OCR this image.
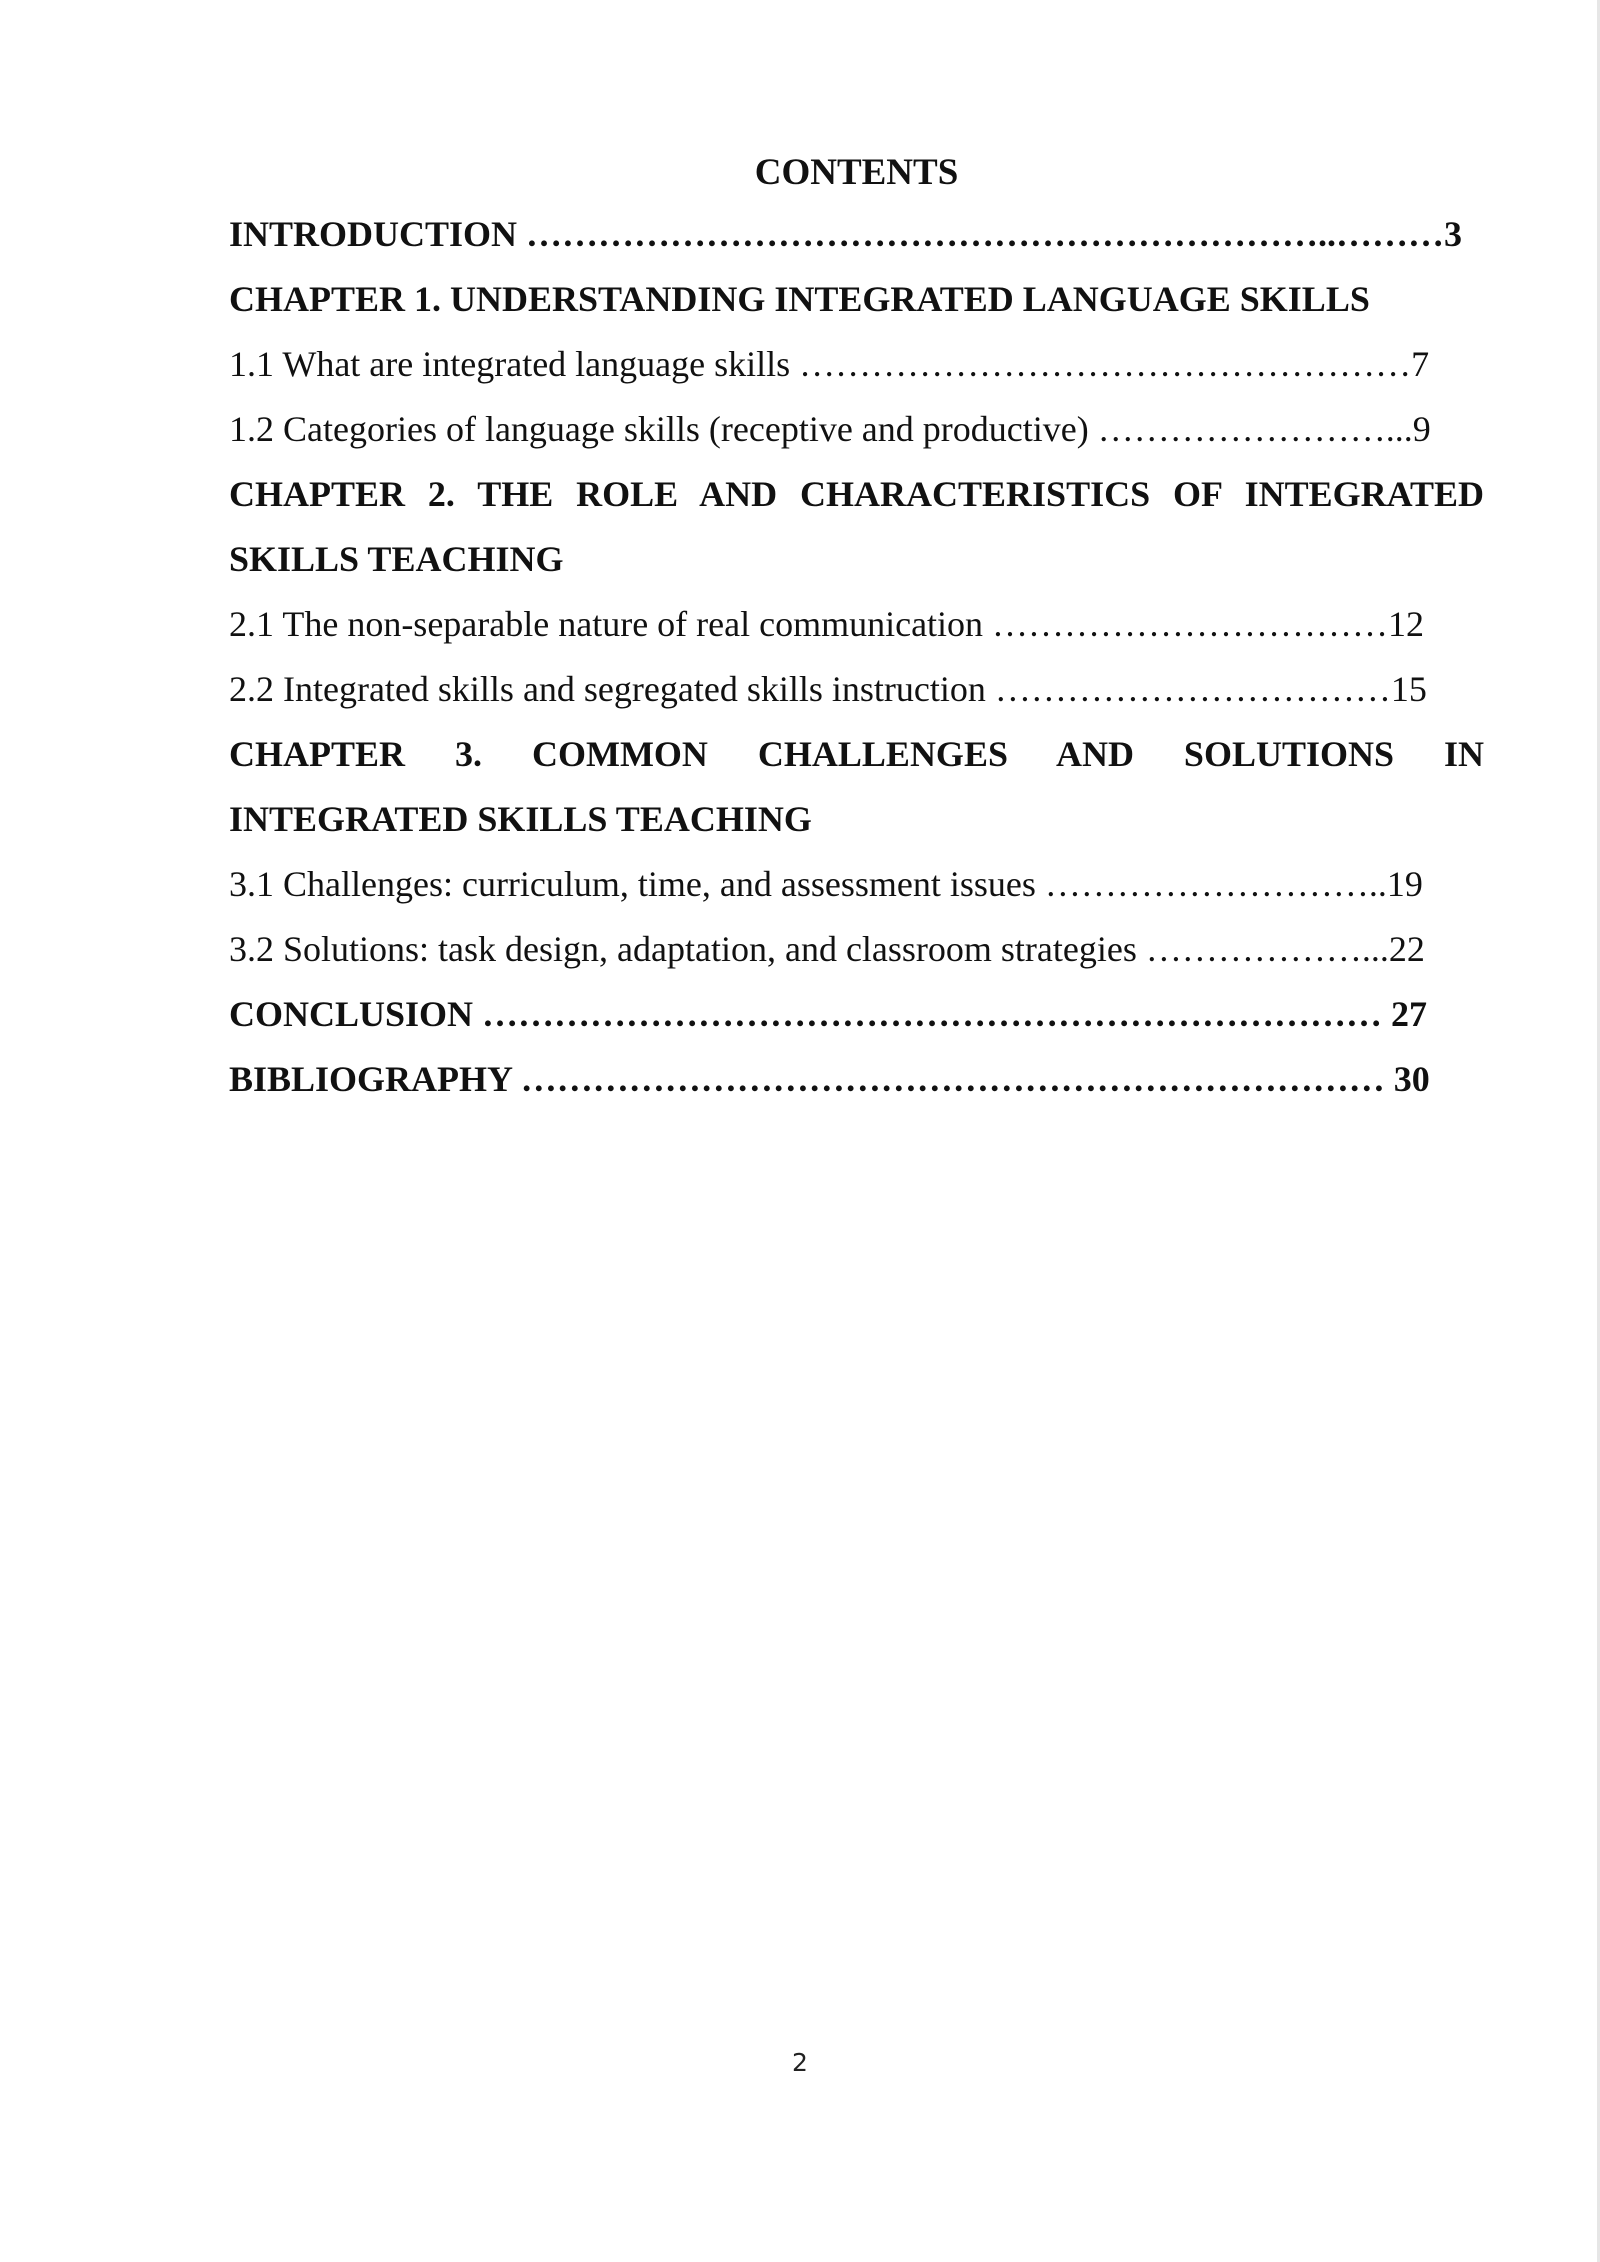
CONTENTS
INTRODUCTION …………………………………………………………..………3
CHAPTER 1. UNDERSTANDING INTEGRATED LANGUAGE SKILLS
1.1 What are integrated language skills ……………………………………………7
1.2 Categories of language skills (receptive and productive) ……………………...9
CHAPTER 2. THE ROLE AND CHARACTERISTICS OF INTEGRATED SKILLS TEACHING
2.1 The non-separable nature of real communication ……………………………12
2.2 Integrated skills and segregated skills instruction ……………………………15
CHAPTER 3. COMMON CHALLENGES AND SOLUTIONS IN INTEGRATED SKILLS TEACHING
3.1 Challenges: curriculum, time, and assessment issues ………………………..19
3.2 Solutions: task design, adaptation, and classroom strategies ………………...22
CONCLUSION ………………………………………………………………… 27
BIBLIOGRAPHY ……………………………………………………………… 30
2
